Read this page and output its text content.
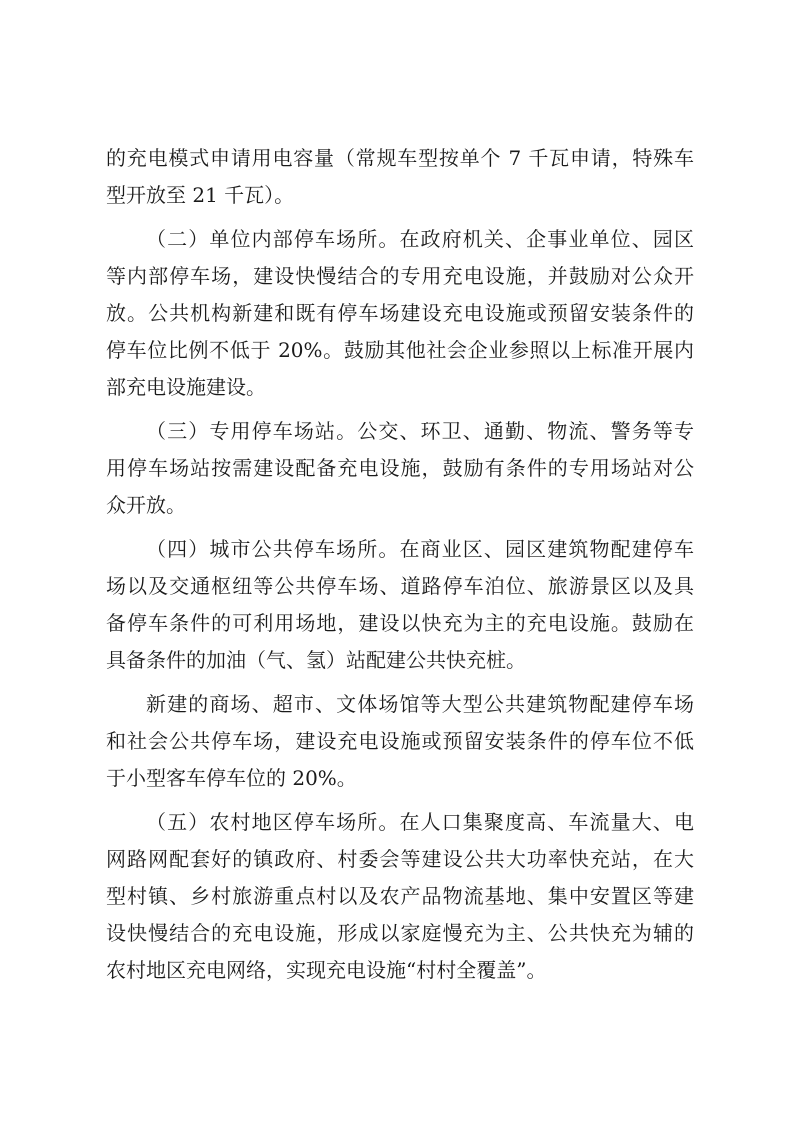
的充电模式申请用电容量（常规车型按单个 7 千瓦申请，特殊车
型开放至 21 千瓦）。
（二）单位内部停车场所。在政府机关、企事业单位、园区
等内部停车场，建设快慢结合的专用充电设施，并鼓励对公众开
放。公共机构新建和既有停车场建设充电设施或预留安装条件的
停车位比例不低于 20%。鼓励其他社会企业参照以上标准开展内
部充电设施建设。
（三）专用停车场站。公交、环卫、通勤、物流、警务等专
用停车场站按需建设配备充电设施，鼓励有条件的专用场站对公
众开放。
（四）城市公共停车场所。在商业区、园区建筑物配建停车
场以及交通枢纽等公共停车场、道路停车泊位、旅游景区以及具
备停车条件的可利用场地，建设以快充为主的充电设施。鼓励在
具备条件的加油（气、氢）站配建公共快充桩。
新建的商场、超市、文体场馆等大型公共建筑物配建停车场
和社会公共停车场，建设充电设施或预留安装条件的停车位不低
于小型客车停车位的 20%。
（五）农村地区停车场所。在人口集聚度高、车流量大、电
网路网配套好的镇政府、村委会等建设公共大功率快充站，在大
型村镇、乡村旅游重点村以及农产品物流基地、集中安置区等建
设快慢结合的充电设施，形成以家庭慢充为主、公共快充为辅的
农村地区充电网络，实现充电设施“村村全覆盖”。
